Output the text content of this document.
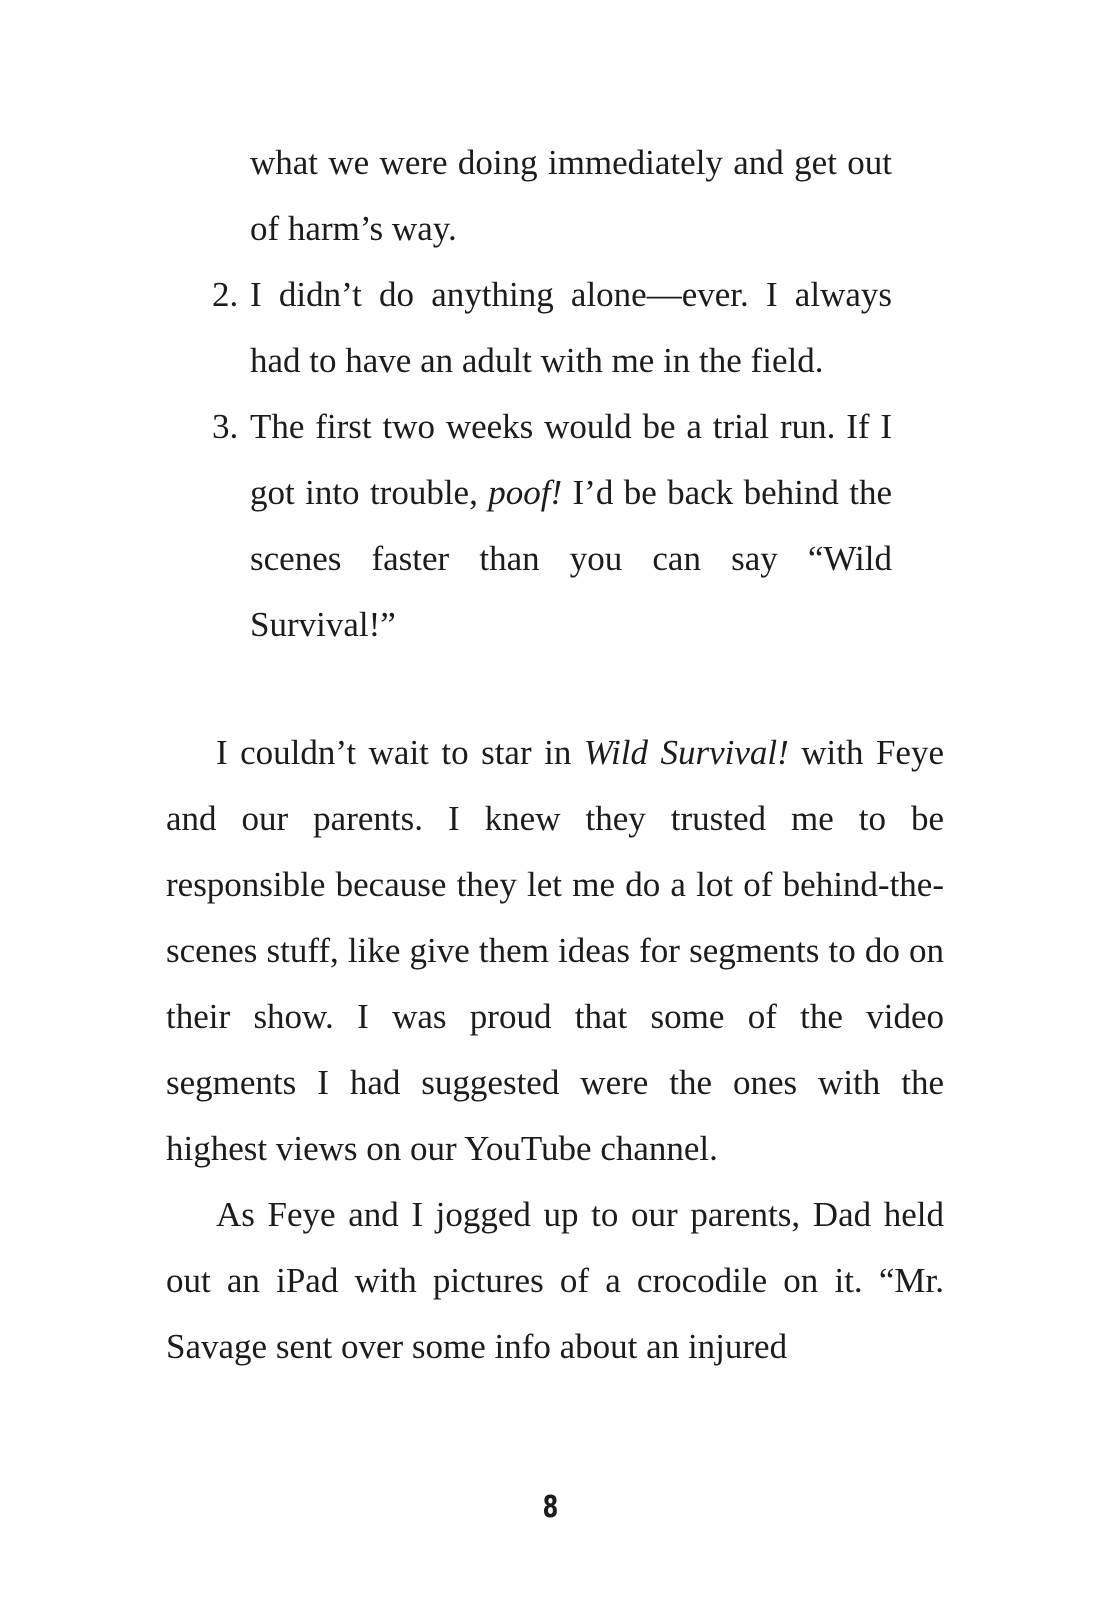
what we were doing immediately and get out of harm’s way.
2. I didn’t do anything alone—ever. I always had to have an adult with me in the field.
3. The first two weeks would be a trial run. If I got into trouble, poof! I’d be back behind the scenes faster than you can say “Wild Survival!”

I couldn’t wait to star in Wild Survival! with Feye and our parents. I knew they trusted me to be responsible because they let me do a lot of behind-the-scenes stuff, like give them ideas for segments to do on their show. I was proud that some of the video segments I had suggested were the ones with the highest views on our YouTube channel.

As Feye and I jogged up to our parents, Dad held out an iPad with pictures of a crocodile on it. “Mr. Savage sent over some info about an injured

8
